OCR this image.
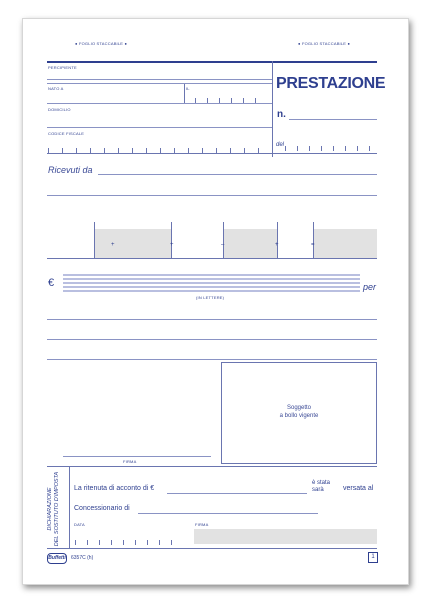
● FOGLIO STACCABILE ●	● FOGLIO STACCABILE ●
PERCIPIENTE
NATO A	IL
DOMICILIO
CODICE FISCALE
PRESTAZIONE
n.
del
Ricevuti da
Corrispettivo prestazione	Rimborsi	Contrib. previdenz.	Ritenuta d'acconto	Bollo	Importo ricevuto
+	+	–	+	=
€	per
(IN LETTERE)
Soggetto
a bollo vigente
FIRMA
DICHIARAZIONE DEL SOSTITUTO D'IMPOSTA La ritenuta di acconto di €
è stata
sarà	versata al
Concessionario di
DATA	FIRMA
Buffetti 6357C (h)	1
